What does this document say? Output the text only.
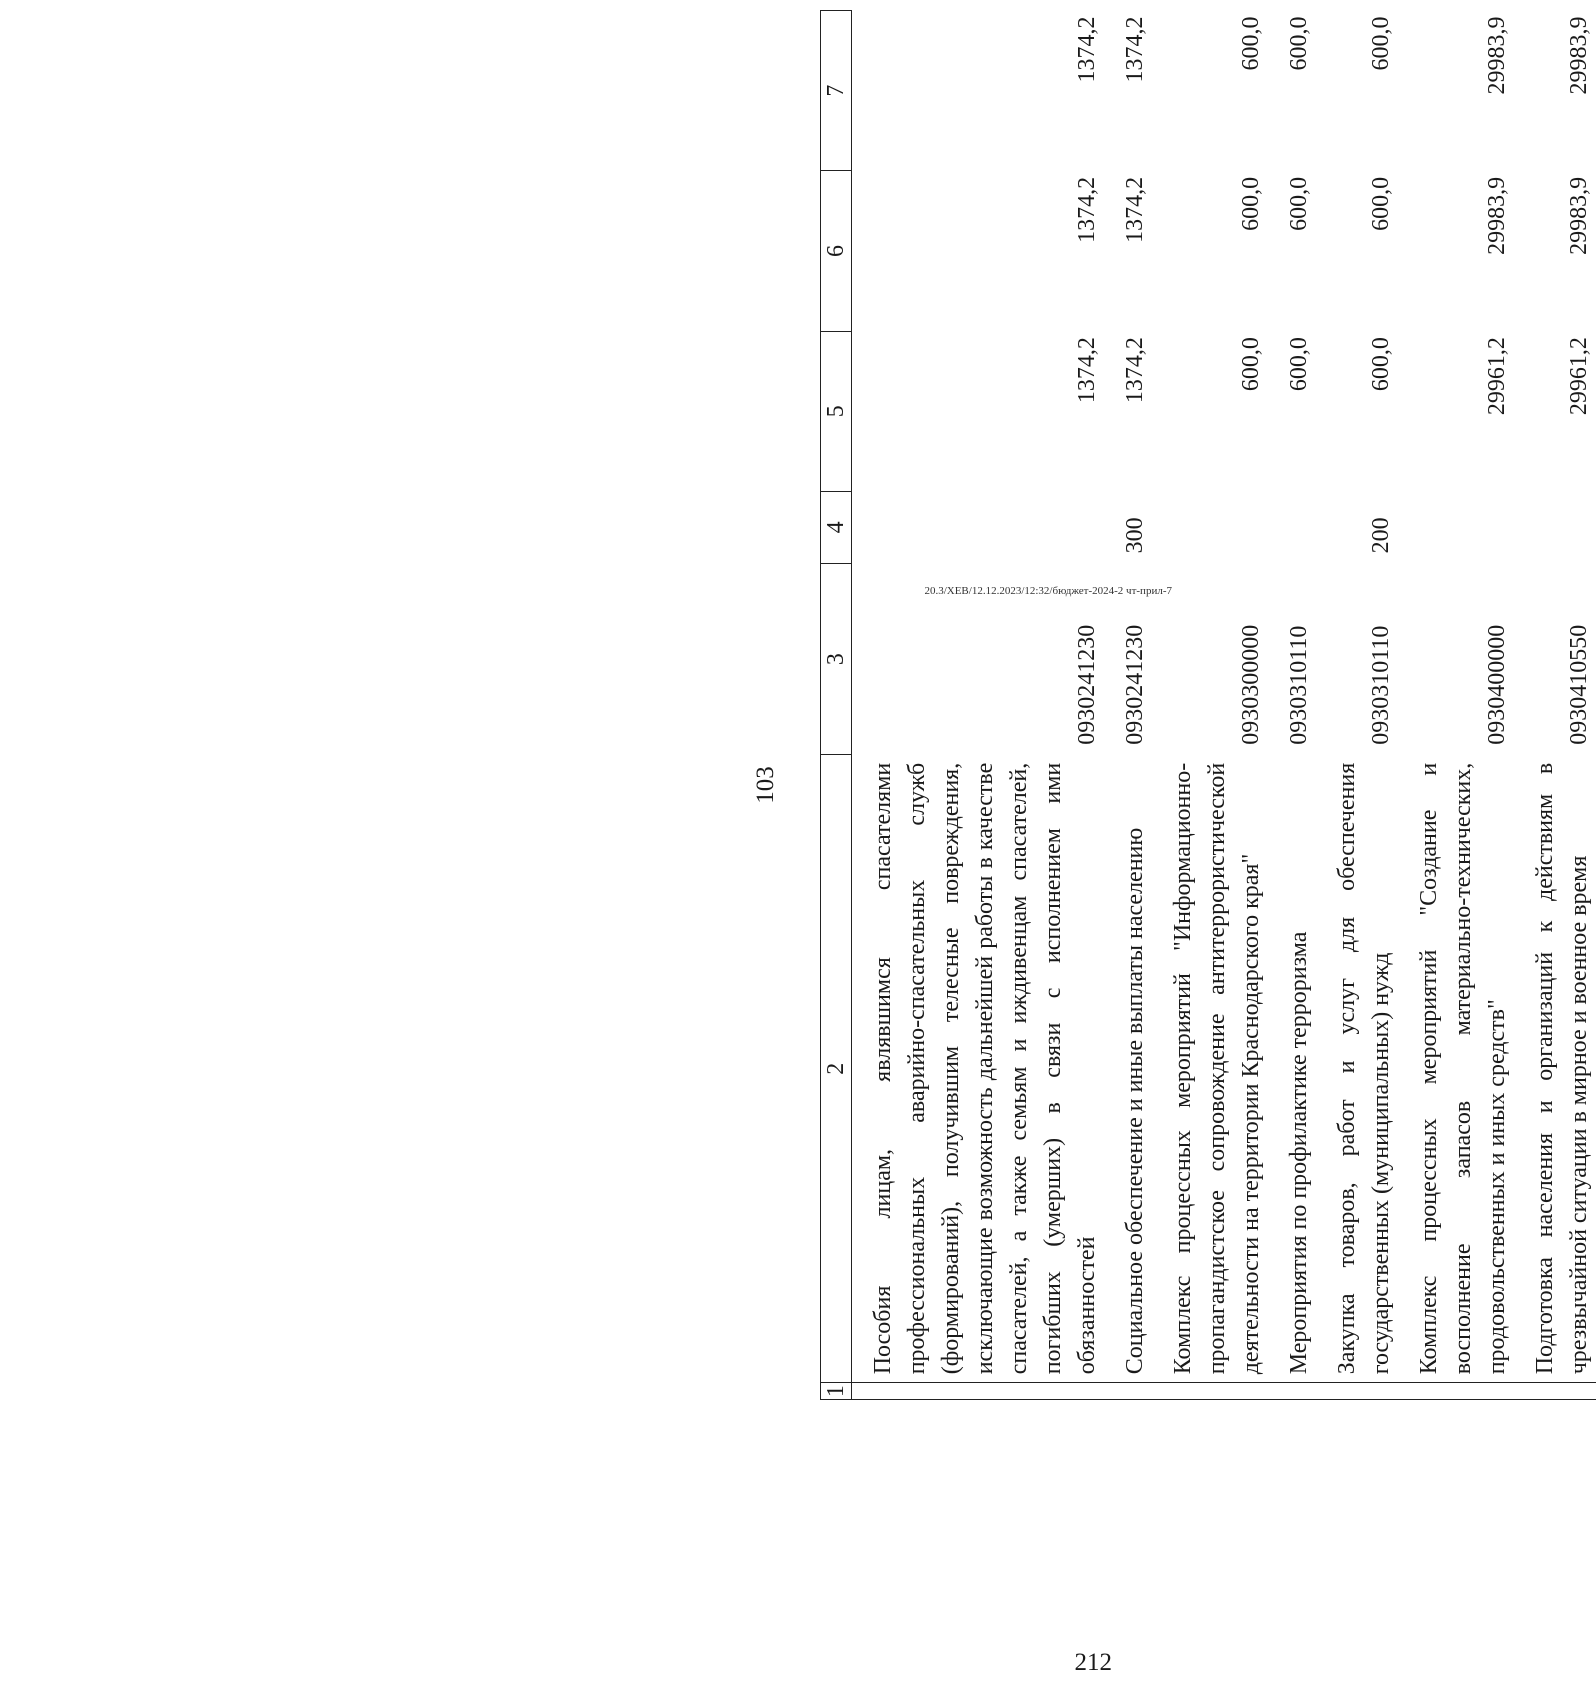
103
1	2	3	4	5	6	7
	Пособия лицам, являвшимся спасателями профессиональных аварийно-спасательных служб (формирований), получившим телесные повреждения, исключающие возможность дальнейшей работы в качестве спасателей, а также семьям и иждивенцам спасателей, погибших (умерших) в связи с исполнением ими обязанностей	0930241230		1374,2	1374,2	1374,2
	Социальное обеспечение и иные выплаты населению	0930241230	300	1374,2	1374,2	1374,2
	Комплекс процессных мероприятий "Информационно-пропагандистское сопровождение антитеррористической деятельности на территории Краснодарского края"	0930300000		600,0	600,0	600,0
	Мероприятия по профилактике терроризма	0930310110		600,0	600,0	600,0
	Закупка товаров, работ и услуг для обеспечения государственных (муниципальных) нужд	0930310110	200	600,0	600,0	600,0
	Комплекс процессных мероприятий "Создание и восполнение запасов материально-технических, продовольственных и иных средств"	0930400000		29961,2	29983,9	29983,9
	Подготовка населения и организаций к действиям в чрезвычайной ситуации в мирное и военное время	0930410550		29961,2	29983,9	29983,9
20.3/XEB/12.12.2023/12:32/бюджет-2024-2 чт-прил-7
212
